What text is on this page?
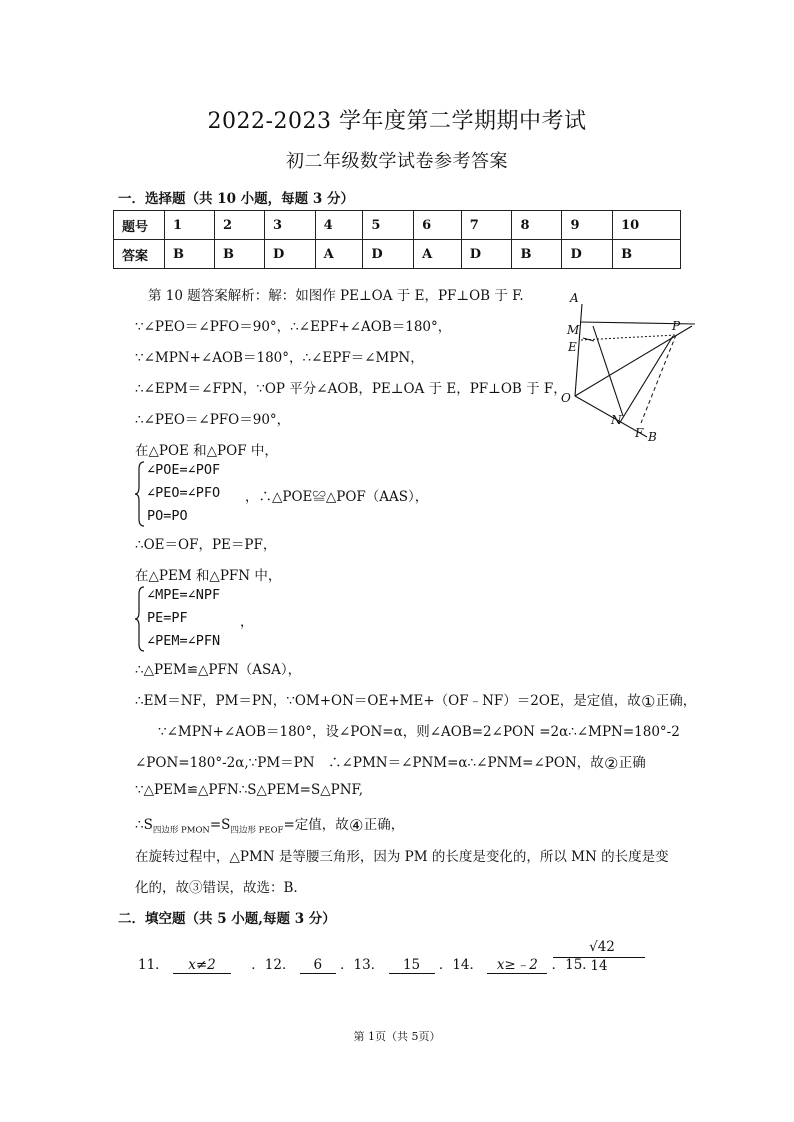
2022-2023 学年度第二学期期中考试
初二年级数学试卷参考答案
一．选择题（共 10 小题，每题 3 分）
题号	1	2	3	4	5	6	7	8	9	10
答案	B	B	D	A	D	A	D	B	D	B
第 10 题答案解析：解：如图作 PE⊥OA 于 E，PF⊥OB 于 F.
∵∠PEO＝∠PFO＝90°，∴∠EPF+∠AOB＝180°，
∵∠MPN+∠AOB＝180°，∴∠EPF＝∠MPN，
∴∠EPM＝∠FPN，∵OP 平分∠AOB，PE⊥OA 于 E，PF⊥OB 于 F，
∴∠PEO＝∠PFO＝90°，
在△POE 和△POF 中，
∠POE=∠POF
∠PEO=∠PFO ，∴△POE≌△POF（AAS），
PO=PO
∴OE＝OF，PE＝PF，
在△PEM 和△PFN 中，
∠MPE=∠NPF
PE=PF	，
∠PEM=∠PFN
∴△PEM≌△PFN（ASA），
∴EM＝NF，PM＝PN，∵OM+ON＝OE+ME+（OF﹣NF）＝2OE，是定值，故①正确，
∵∠MPN+∠AOB＝180°，设∠PON=α，则∠AOB=2∠PON =2α∴∠MPN=180°-2
∠PON=180°-2α,∵PM＝PN　∴∠PMN＝∠PNM=α∴∠PNM=∠PON，故②正确
∵△PEM≌△PFN∴S△PEM=S△PNF,
$\therefore S_{四边形 PMON}=S_{四边形 PEOF}=$定值，故④正确，
在旋转过程中，△PMN 是等腰三角形，因为 PM 的长度是变化的，所以 MN 的长度是变
化的，故③错误，故选：B.
A
M
E
P
O
N
F B
二．填空题（共 5 小题,每题 3 分）
11． x≠2	．12． 6 ．13． 15 ．14． x≥﹣2 ．15．
$\frac{√42}{14}$
第 1页（共 5页）
